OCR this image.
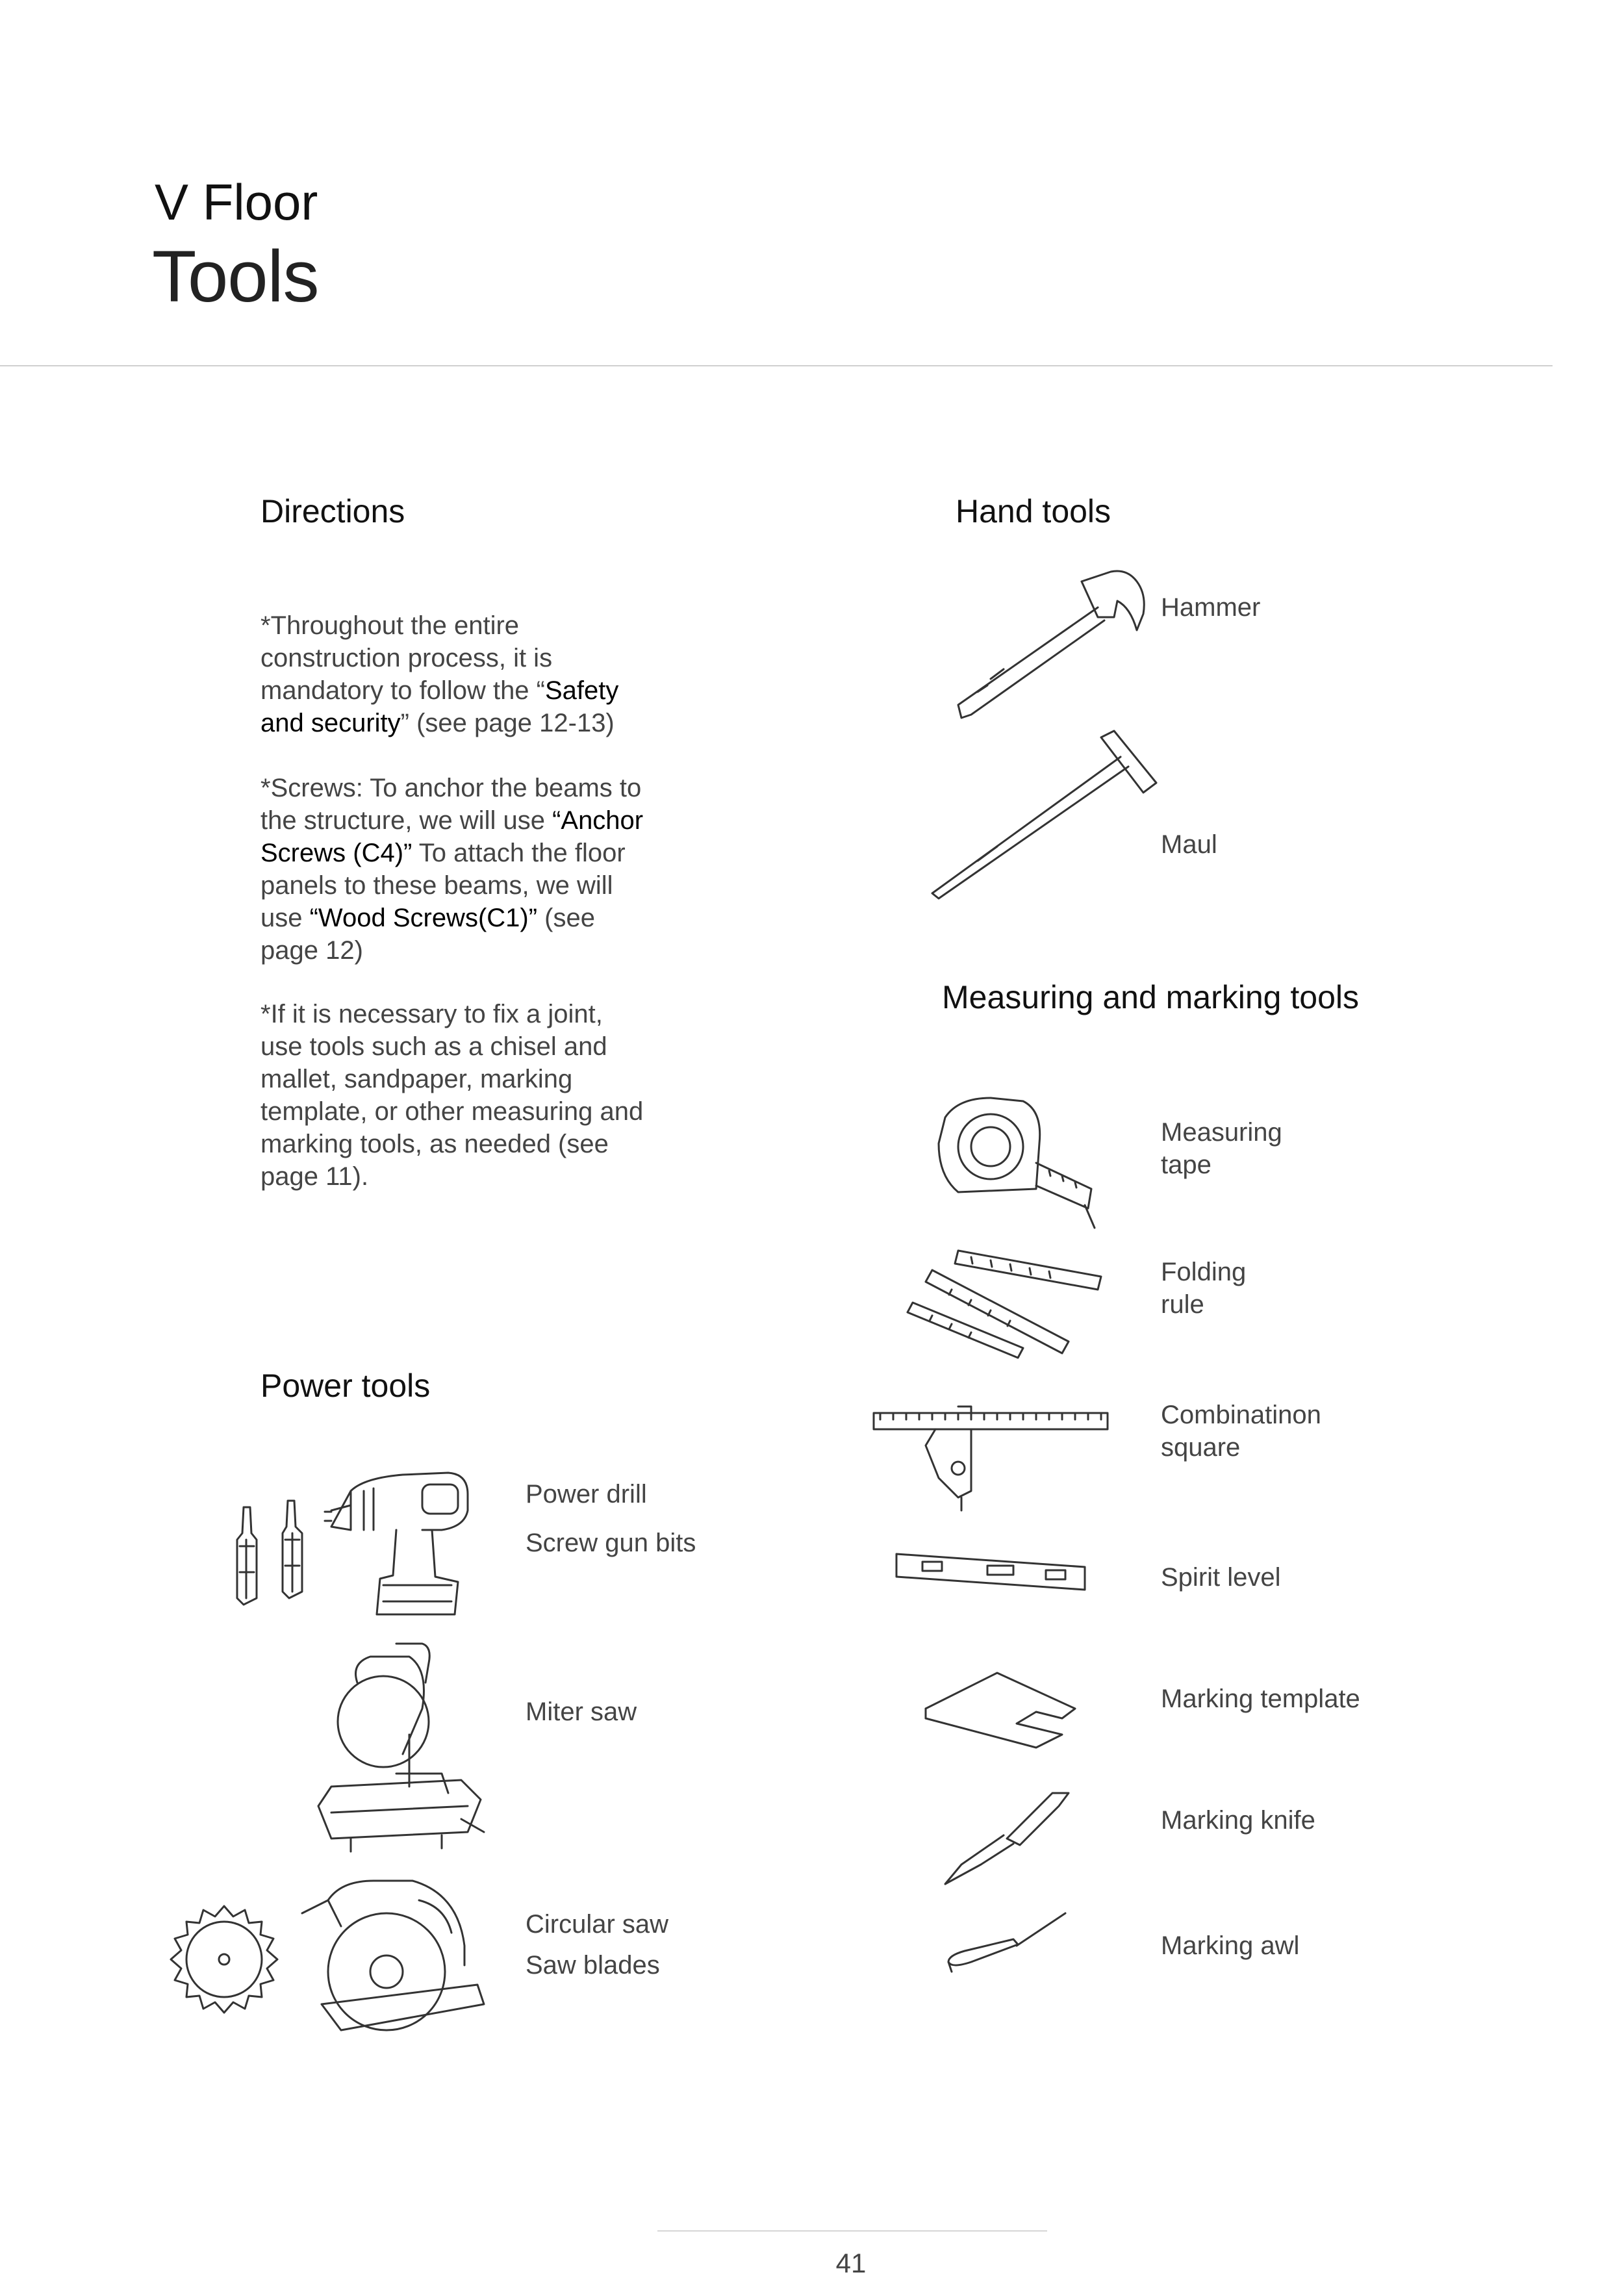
V Floor
Tools
Directions
*Throughout the entire construction process, it is mandatory to follow the “Safety and security” (see page 12-13)
*Screws: To anchor the beams to the structure, we will use “Anchor Screws (C4)” To attach the floor panels to these beams, we will use “Wood Screws(C1)” (see page 12)
*If it is necessary to fix a joint, use tools such as a chisel and mallet, sandpaper, marking template, or other measuring and marking tools, as needed (see page 11).
Power tools
Power drill
Screw gun bits
Miter saw
Circular saw
Saw blades
Hand tools
Hammer
Maul
Measuring and marking tools
Measuring
tape
Folding
rule
Combinatinon
square
Spirit level
Marking template
Marking knife
Marking awl
41
